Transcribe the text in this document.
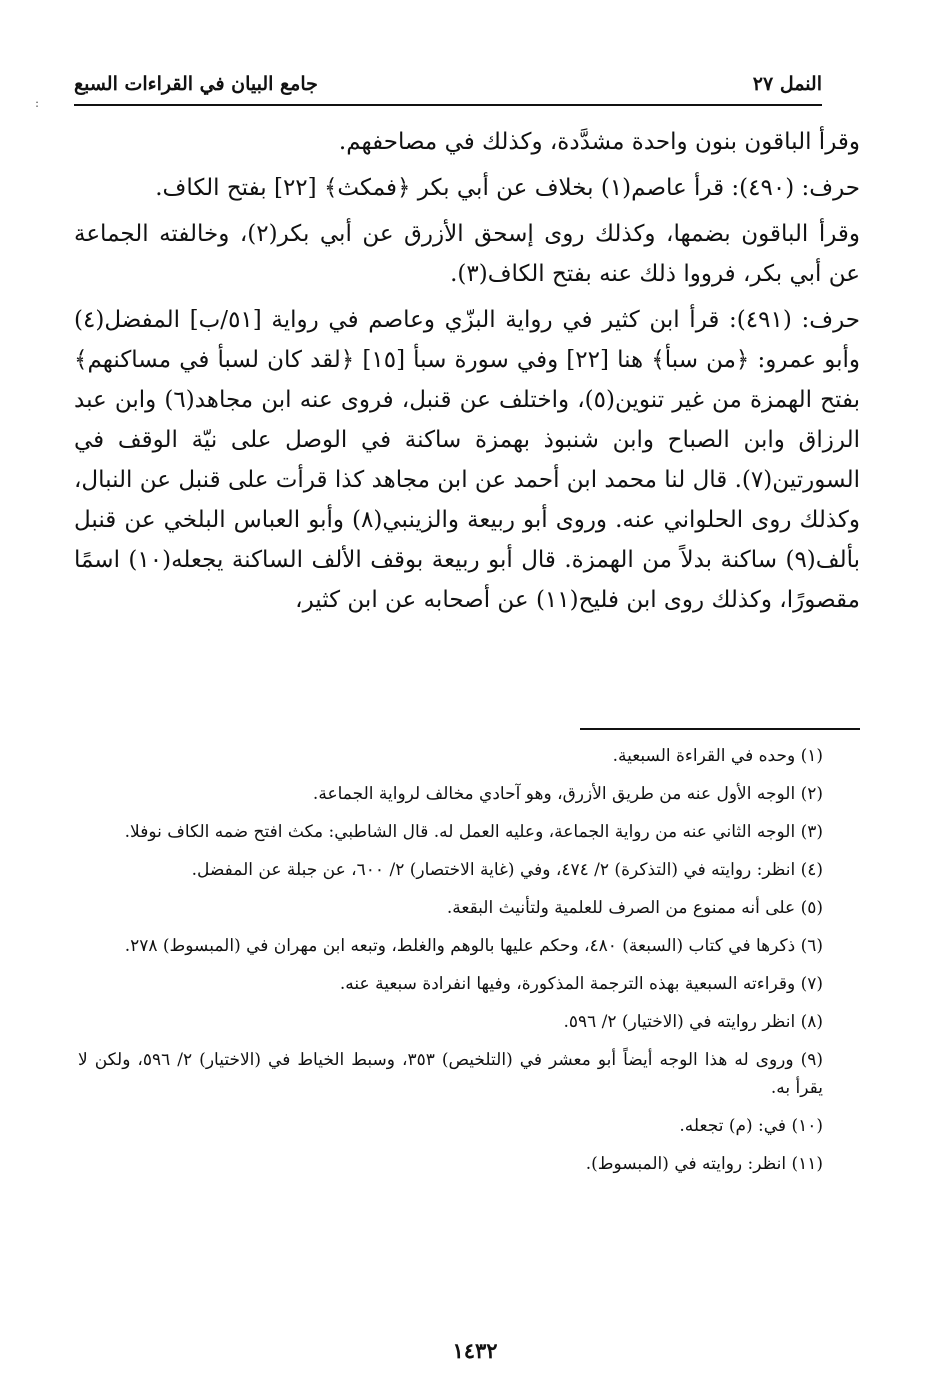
النمل ٢٧
جامع البيان في القراءات السبع
:

وقرأ الباقون بنون واحدة مشدَّدة، وكذلك في مصاحفهم.

حرف: (٤٩٠): قرأ عاصم(١) بخلاف عن أبي بكر ﴿فمكث﴾ [٢٢] بفتح الكاف.

وقرأ الباقون بضمها، وكذلك روى إسحق الأزرق عن أبي بكر(٢)، وخالفته الجماعة عن أبي بكر، فرووا ذلك عنه بفتح الكاف(٣).

حرف: (٤٩١): قرأ ابن كثير في رواية البزّي وعاصم في رواية [٥١/ب] المفضل(٤) وأبو عمرو: ﴿من سبأ﴾ هنا [٢٢] وفي سورة سبأ [١٥] ﴿لقد كان لسبأ في مساكنهم﴾ بفتح الهمزة من غير تنوين(٥)، واختلف عن قنبل، فروى عنه ابن مجاهد(٦) وابن عبد الرزاق وابن الصباح وابن شنبوذ بهمزة ساكنة في الوصل على نيّة الوقف في السورتين(٧). قال لنا محمد ابن أحمد عن ابن مجاهد كذا قرأت على قنبل عن النبال، وكذلك روى الحلواني عنه. وروى أبو ربيعة والزينبي(٨) وأبو العباس البلخي عن قنبل بألف(٩) ساكنة بدلاً من الهمزة. قال أبو ربيعة بوقف الألف الساكنة يجعله(١٠) اسمًا مقصورًا، وكذلك روى ابن فليح(١١) عن أصحابه عن ابن كثير،

(١) وحده في القراءة السبعية.
(٢) الوجه الأول عنه من طريق الأزرق، وهو آحادي مخالف لرواية الجماعة.
(٣) الوجه الثاني عنه من رواية الجماعة، وعليه العمل له. قال الشاطبي: مكث افتح ضمه الكاف نوفلا.
(٤) انظر: روايته في (التذكرة) ٢/ ٤٧٤، وفي (غاية الاختصار) ٢/ ٦٠٠، عن جبلة عن المفضل.
(٥) على أنه ممنوع من الصرف للعلمية ولتأنيث البقعة.
(٦) ذكرها في كتاب (السبعة) ٤٨٠، وحكم عليها بالوهم والغلط، وتبعه ابن مهران في (المبسوط) ٢٧٨.
(٧) وقراءته السبعية بهذه الترجمة المذكورة، وفيها انفرادة سبعية عنه.
(٨) انظر روايته في (الاختيار) ٢/ ٥٩٦.
(٩) وروى له هذا الوجه أيضاً أبو معشر في (التلخيص) ٣٥٣، وسبط الخياط في (الاختيار) ٢/ ٥٩٦، ولكن لا يقرأ به.
(١٠) في: (م) تجعله.
(١١) انظر: روايته في (المبسوط).
١٤٣٢
